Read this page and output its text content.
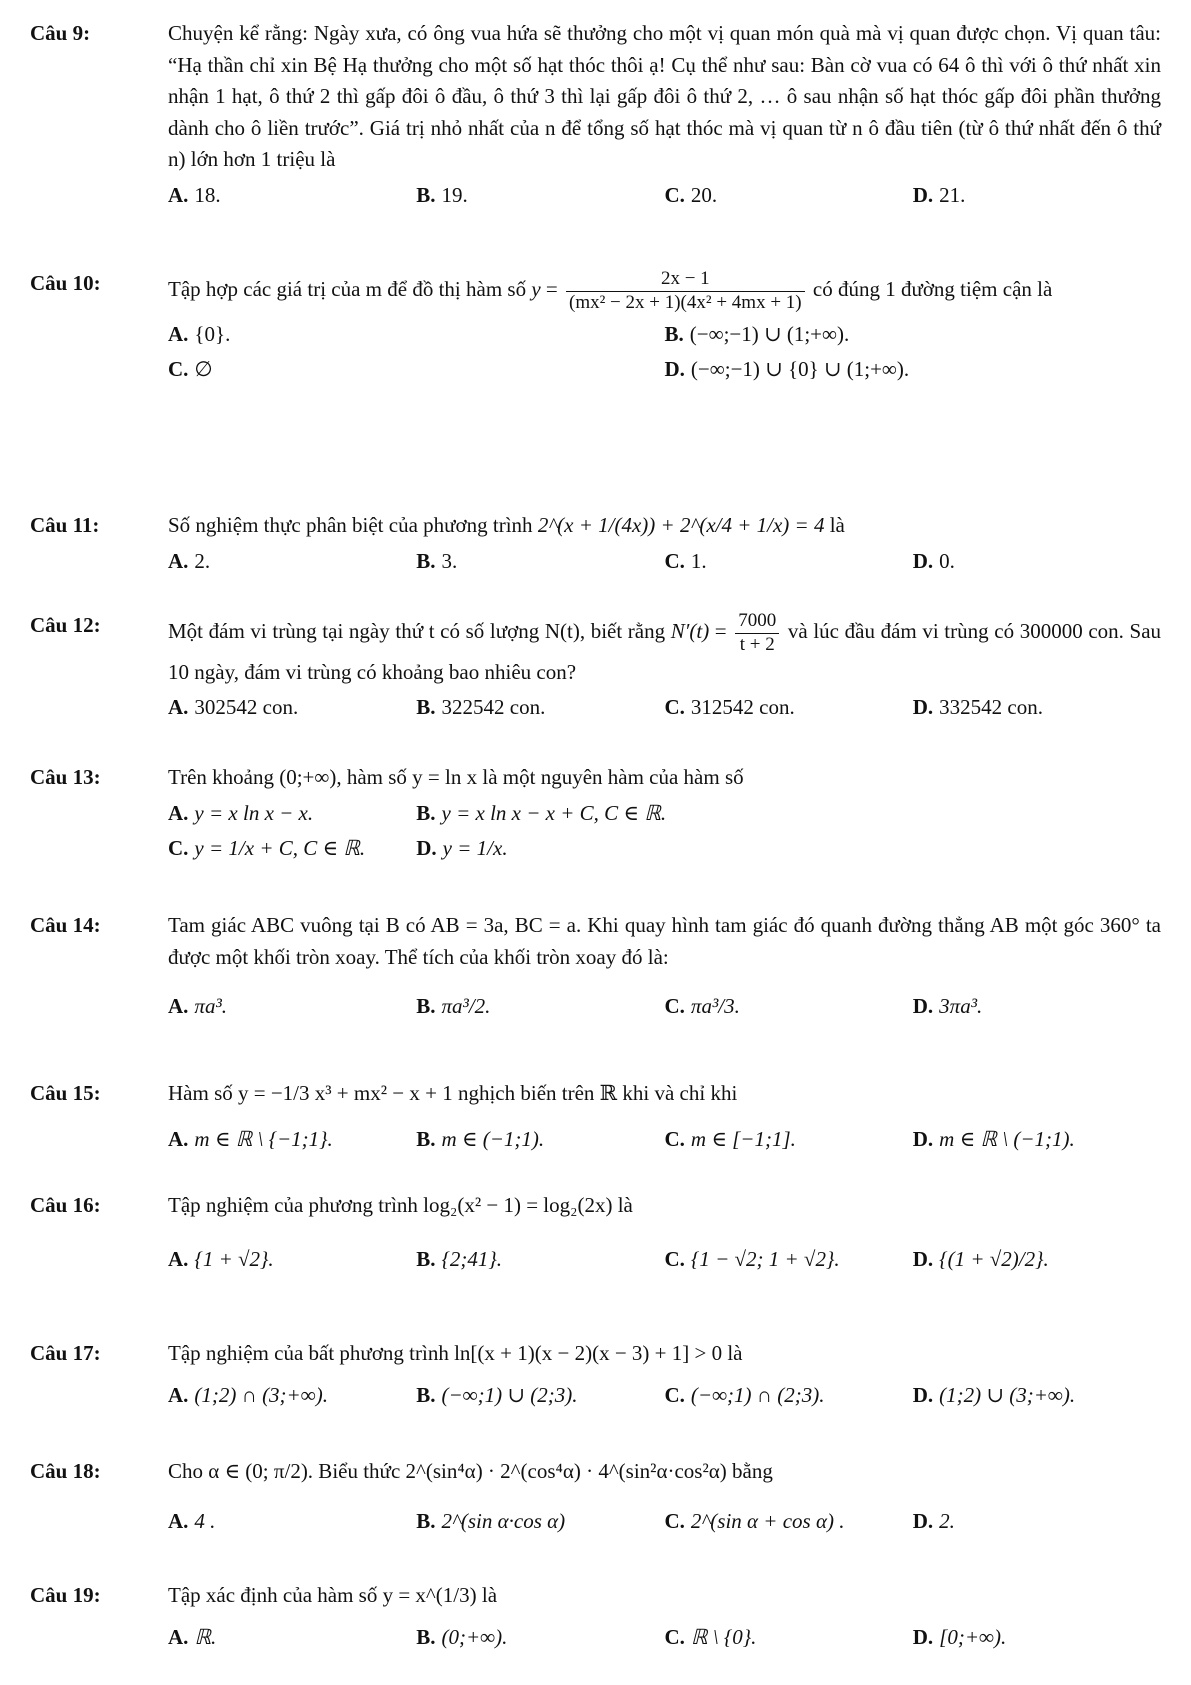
Câu 9:	Chuyện kể rằng: Ngày xưa, có ông vua hứa sẽ thưởng cho một vị quan món quà mà vị quan được chọn. Vị quan tâu: “Hạ thần chỉ xin Bệ Hạ thưởng cho một số hạt thóc thôi ạ! Cụ thể như sau: Bàn cờ vua có 64 ô thì với ô thứ nhất xin nhận 1 hạt, ô thứ 2 thì gấp đôi ô đầu, ô thứ 3 thì lại gấp đôi ô thứ 2, … ô sau nhận số hạt thóc gấp đôi phần thưởng dành cho ô liền trước”. Giá trị nhỏ nhất của n để tổng số hạt thóc mà vị quan từ n ô đầu tiên (từ ô thứ nhất đến ô thứ n) lớn hơn 1 triệu là
A. 18.	B. 19.	C. 20.	D. 21.
Câu 10:	Tập hợp các giá trị của m để đồ thị hàm số $y = \frac{2x - 1}{\text{(mx² − 2x + 1)(4x² + 4mx + 1)}}$ có đúng 1 đường tiệm cận là
A. {0}.	B. (−∞;−1) ∪ (1;+∞).
C. ∅	D. (−∞;−1) ∪ {0} ∪ (1;+∞).
Câu 11:	Số nghiệm thực phân biệt của phương trình 2^(x + 1/(4x)) + 2^(x/4 + 1/x) = 4 là
A. 2.	B. 3.	C. 1.	D. 0.
Câu 12:	Một đám vi trùng tại ngày thứ t có số lượng N(t), biết rằng $N'(t) = \frac{7000}{t + 2}$ và lúc đầu đám vi trùng có 300000 con. Sau 10 ngày, đám vi trùng có khoảng bao nhiêu con?
A. 302542 con.	B. 322542 con.	C. 312542 con.	D. 332542 con.
Câu 13:	Trên khoảng (0;+∞), hàm số y = ln x là một nguyên hàm của hàm số
A. y = x ln x − x.	B. y = x ln x − x + C, C ∈ ℝ.
C. y = 1/x + C, C ∈ ℝ.	D. y = 1/x.
Câu 14:	Tam giác ABC vuông tại B có AB = 3a, BC = a. Khi quay hình tam giác đó quanh đường thẳng AB một góc 360° ta được một khối tròn xoay. Thể tích của khối tròn xoay đó là:
A. πa³.	B. πa³/2.	C. πa³/3.	D. 3πa³.
Câu 15:	Hàm số y = −1/3 x³ + mx² − x + 1 nghịch biến trên ℝ khi và chỉ khi
A. m ∈ ℝ \ {−1;1}.	B. m ∈ (−1;1).	C. m ∈ [−1;1].	D. m ∈ ℝ \ (−1;1).
Câu 16:	Tập nghiệm của phương trình log₂(x² − 1) = log₂(2x) là
A. {1 + √2}.	B. {2;41}.	C. {1 − √2; 1 + √2}.	D. {(1 + √2)/2}.
Câu 17:	Tập nghiệm của bất phương trình ln[(x + 1)(x − 2)(x − 3) + 1] > 0 là
A. (1;2) ∩ (3;+∞).	B. (−∞;1) ∪ (2;3).	C. (−∞;1) ∩ (2;3).	D. (1;2) ∪ (3;+∞).
Câu 18:	Cho α ∈ (0; π/2). Biểu thức 2^(sin⁴α) · 2^(cos⁴α) · 4^(sin²α·cos²α) bằng
A. 4 .	B. 2^(sin α·cos α)	C. 2^(sin α + cos α) .	D. 2.
Câu 19:	Tập xác định của hàm số y = x^(1/3) là
A. ℝ.	B. (0;+∞).	C. ℝ \ {0}.	D. [0;+∞).
